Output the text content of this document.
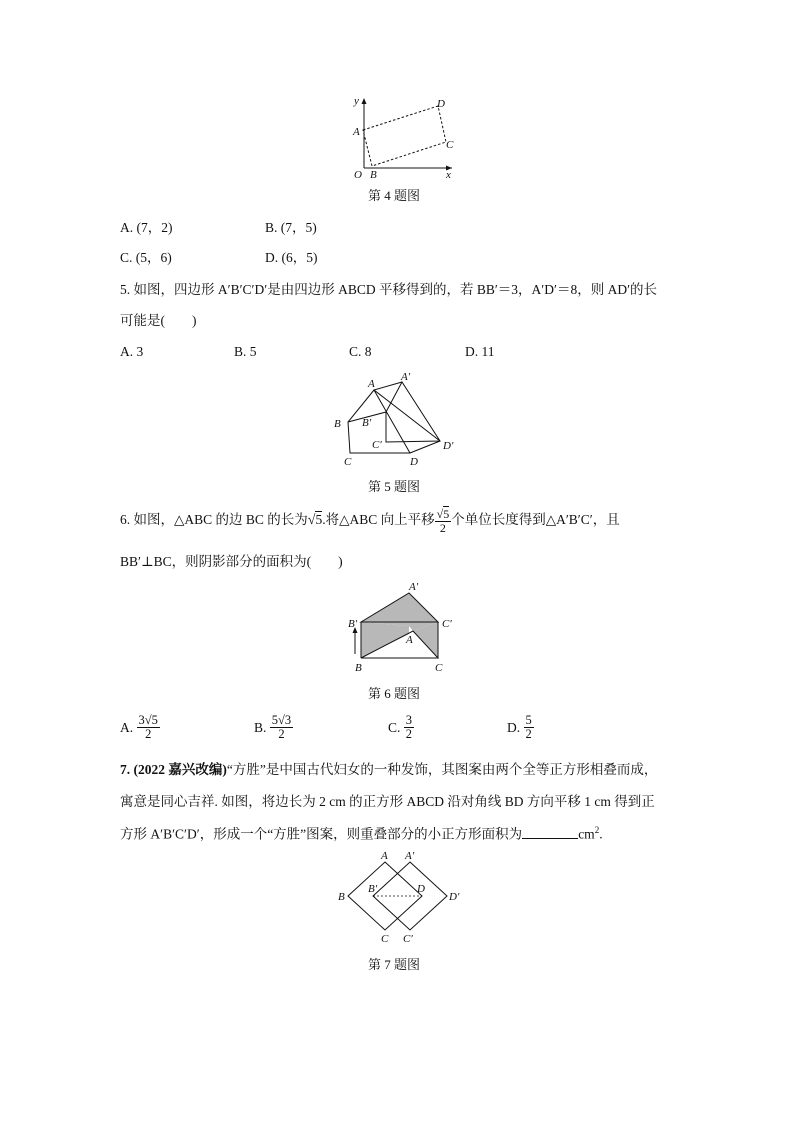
y
A
D
C
O B	x
第 4 题图
A. (7，2)	B. (7，5)
C. (5，6)	D. (6，5)
5. 如图，四边形 A′B′C′D′是由四边形 ABCD 平移得到的，若 BB′＝3，A′D′＝8，则 AD′的长
可能是(　　)
A. 3	B. 5	C. 8	D. 11
A
A′
B B′
C′	D′
C	D
第 5 题图
6. 如图，△ABC 的边 BC 的长为√5.将△ABC 向上平移 $\frac{√5}{2}$ 个单位长度得到△A′B′C′，且
BB′⊥BC，则阴影部分的面积为(　　)
A′
B′	C′
A
B	C
第 6 题图
A. $\frac{3√5}{2}$	B. $\frac{5√3}{2}$	C. $\frac{3}{2}$	D. $\frac{5}{2}$
7. (2022 嘉兴改编)“方胜”是中国古代妇女的一种发饰，其图案由两个全等正方形相叠而成，
寓意是同心吉祥. 如图，将边长为 2 cm 的正方形 ABCD 沿对角线 BD 方向平移 1 cm 得到正
方形 A′B′C′D′，形成一个“方胜”图案，则重叠部分的小正方形面积为	$cm^2$.
A A′
B
B′	D
D′
C C′
第 7 题图
